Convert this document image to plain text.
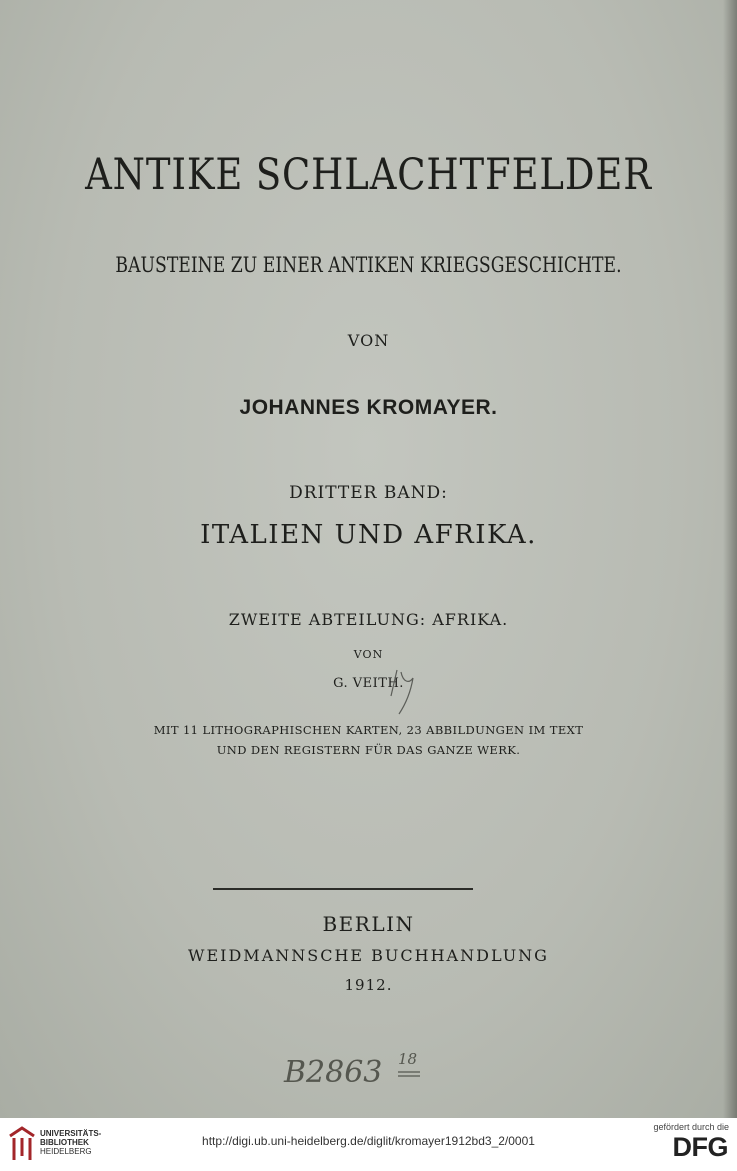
ANTIKE SCHLACHTFELDER
BAUSTEINE ZU EINER ANTIKEN KRIEGSGESCHICHTE.
VON
JOHANNES KROMAYER.
DRITTER BAND:
ITALIEN UND AFRIKA.
ZWEITE ABTEILUNG: AFRIKA.
VON
G. VEITH.
MIT 11 LITHOGRAPHISCHEN KARTEN, 23 ABBILDUNGEN IM TEXT
UND DEN REGISTERN FÜR DAS GANZE WERK.
BERLIN
WEIDMANNSCHE BUCHHANDLUNG
1912.
B2863 18
UNIVERSITÄTS-
BIBLIOTHEK
HEIDELBERG
http://digi.ub.uni-heidelberg.de/diglit/kromayer1912bd3_2/0001
gefördert durch die
DFG
